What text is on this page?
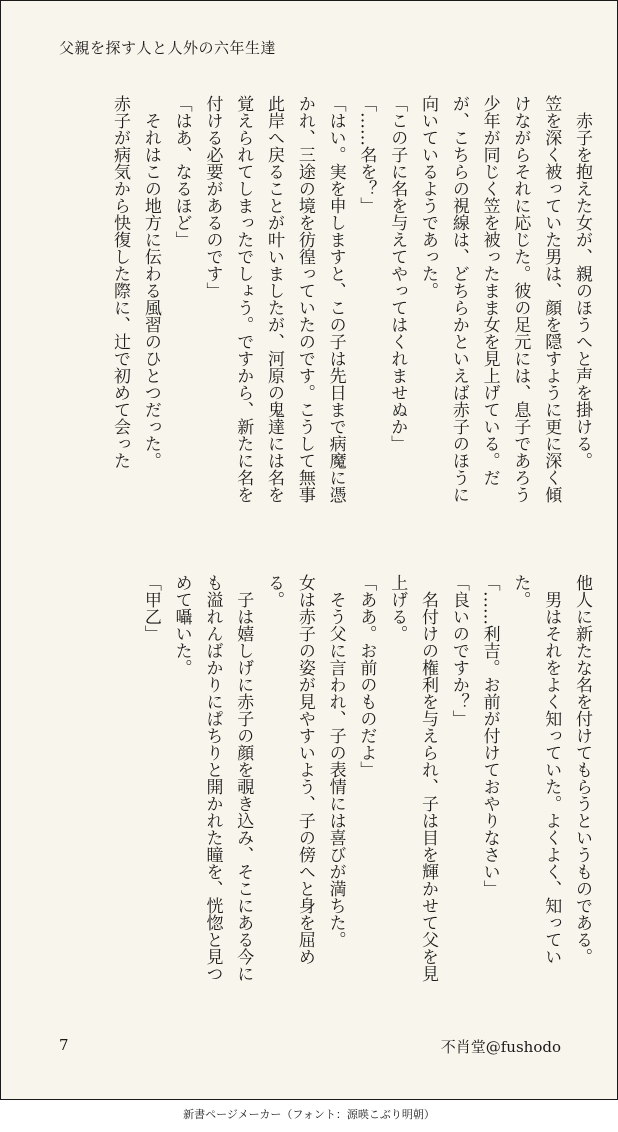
父親を探す人と人外の六年生達

　赤子を抱えた女が、親のほうへと声を掛ける。

笠を深く被っていた男は、顔を隠すように更に深く傾けながらそれに応じた。彼の足元には、息子であろう少年が同じく笠を被ったまま女を見上げている。だが、こちらの視線は、どちらかといえば赤子のほうに向いているようであった。

「この子に名を与えてやってはくれませぬか」

「……名を？」

「はい。実を申しますと、この子は先日まで病魔に憑かれ、三途の境を彷徨っていたのです。こうして無事此岸へ戻ることが叶いましたが、河原の鬼達には名を覚えられてしまったでしょう。ですから、新たに名を付ける必要があるのです」

「はあ、なるほど」

　それはこの地方に伝わる風習のひとつだった。

赤子が病気から快復した際に、辻で初めて会った

他人に新たな名を付けてもらうというものである。

　男はそれをよく知っていた。よくよく、知っていた。

「……利吉。お前が付けておやりなさい」

「良いのですか？」

　名付けの権利を与えられ、子は目を輝かせて父を見上げる。

「ああ。お前のものだよ」

　そう父に言われ、子の表情には喜びが満ちた。

女は赤子の姿が見やすいよう、子の傍へと身を屈める。

　子は嬉しげに赤子の顔を覗き込み、そこにある今にも溢れんばかりにぱちりと開かれた瞳を、恍惚と見つめて囁いた。

「甲乙」

7	不肖堂@fushodo
新書ページメーカー（フォント：源暎こぶり明朝）
